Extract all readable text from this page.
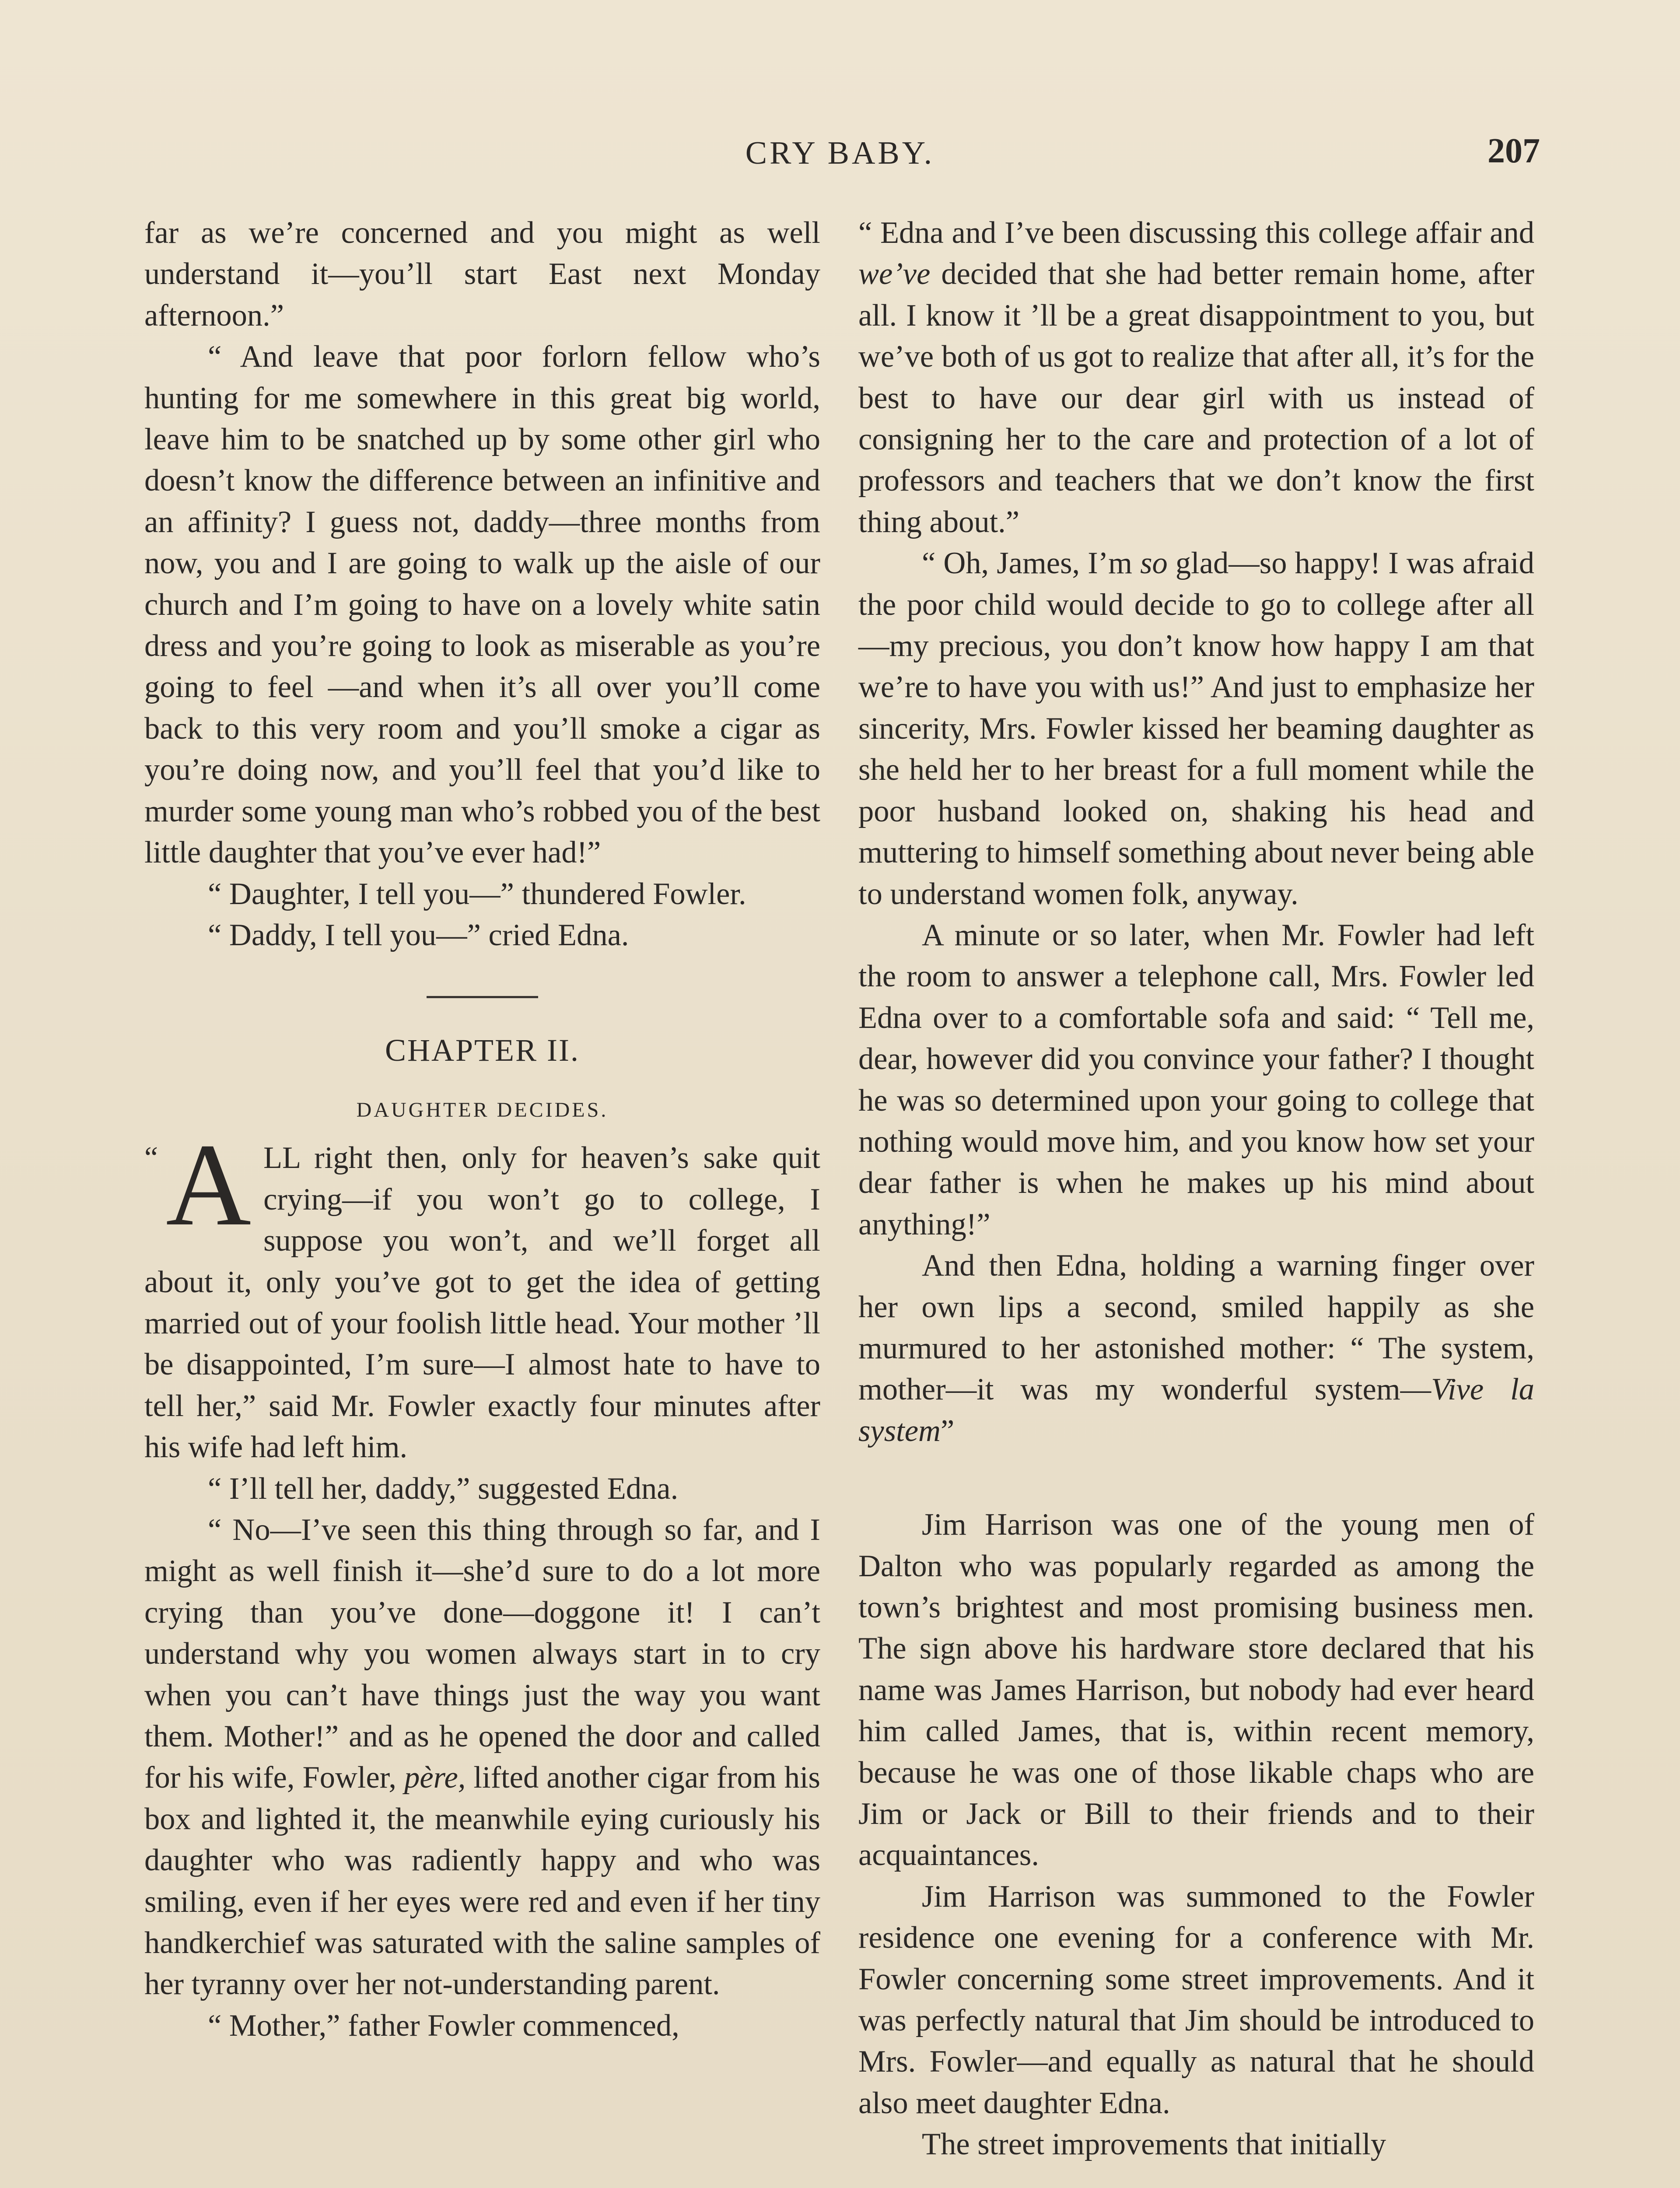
CRY BABY.	207

far as we’re concerned and you might as well understand it—you’ll start East next Monday afternoon.”

“ And leave that poor forlorn fellow who’s hunting for me somewhere in this great big world, leave him to be snatched up by some other girl who doesn’t know the difference between an infinitive and an affinity? I guess not, daddy—three months from now, you and I are going to walk up the aisle of our church and I’m going to have on a lovely white satin dress and you’re going to look as miserable as you’re going to feel —and when it’s all over you’ll come back to this very room and you’ll smoke a cigar as you’re doing now, and you’ll feel that you’d like to murder some young man who’s robbed you of the best little daughter that you’ve ever had!”

“ Daughter, I tell you—” thundered Fowler.

“ Daddy, I tell you—” cried Edna.

CHAPTER II.
DAUGHTER DECIDES.

“ A LL right then, only for heaven’s sake quit crying—if you won’t go to college, I suppose you won’t, and we’ll forget all about it, only you’ve got to get the idea of getting married out of your foolish little head. Your mother ’ll be disappointed, I’m sure—I almost hate to have to tell her,” said Mr. Fowler exactly four minutes after his wife had left him.

“ I’ll tell her, daddy,” suggested Edna.

“ No—I’ve seen this thing through so far, and I might as well finish it—she’d sure to do a lot more crying than you’ve done—doggone it! I can’t understand why you women always start in to cry when you can’t have things just the way you want them. Mother!” and as he opened the door and called for his wife, Fowler, père, lifted another cigar from his box and lighted it, the meanwhile eying curiously his daughter who was radiently happy and who was smiling, even if her eyes were red and even if her tiny handkerchief was saturated with the saline samples of her tyranny over her not-understanding parent.

“ Mother,” father Fowler commenced,

“ Edna and I’ve been discussing this college affair and we’ve decided that she had better remain home, after all. I know it ’ll be a great disappointment to you, but we’ve both of us got to realize that after all, it’s for the best to have our dear girl with us instead of consigning her to the care and protection of a lot of professors and teachers that we don’t know the first thing about.”

“ Oh, James, I’m so glad—so happy! I was afraid the poor child would decide to go to college after all—my precious, you don’t know how happy I am that we’re to have you with us!” And just to emphasize her sincerity, Mrs. Fowler kissed her beaming daughter as she held her to her breast for a full moment while the poor husband looked on, shaking his head and muttering to himself something about never being able to understand women folk, anyway.

A minute or so later, when Mr. Fowler had left the room to answer a telephone call, Mrs. Fowler led Edna over to a comfortable sofa and said: “ Tell me, dear, however did you convince your father? I thought he was so determined upon your going to college that nothing would move him, and you know how set your dear father is when he makes up his mind about anything!”

And then Edna, holding a warning finger over her own lips a second, smiled happily as she murmured to her astonished mother: “ The system, mother—it was my wonderful system—Vive la system”

Jim Harrison was one of the young men of Dalton who was popularly regarded as among the town’s brightest and most promising business men. The sign above his hardware store declared that his name was James Harrison, but nobody had ever heard him called James, that is, within recent memory, because he was one of those likable chaps who are Jim or Jack or Bill to their friends and to their acquaintances.

Jim Harrison was summoned to the Fowler residence one evening for a conference with Mr. Fowler concerning some street improvements. And it was perfectly natural that Jim should be introduced to Mrs. Fowler—and equally as natural that he should also meet daughter Edna.

The street improvements that initially
